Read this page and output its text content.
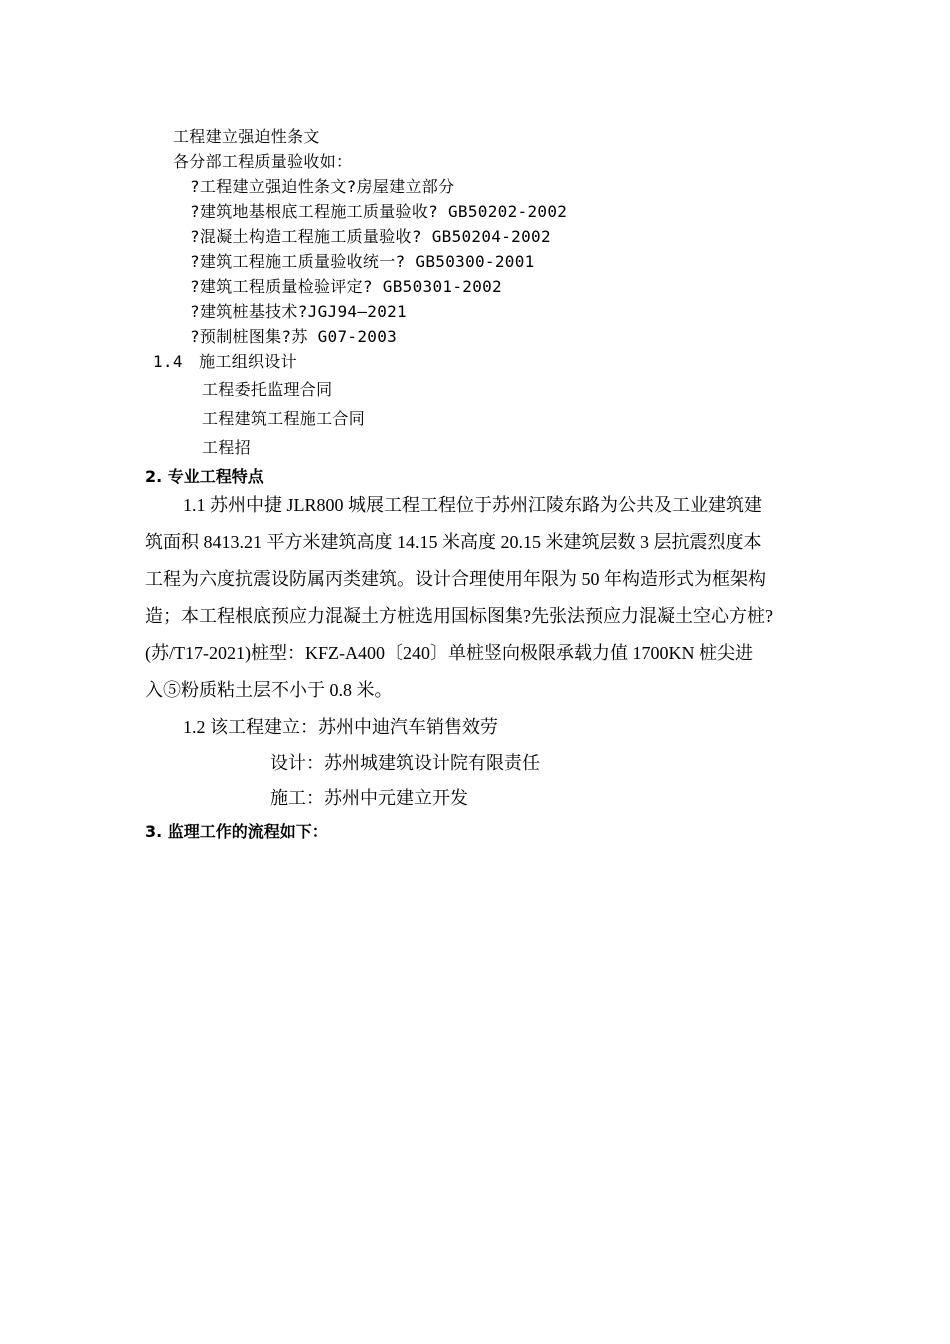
工程建立强迫性条文
各分部工程质量验收如：
?工程建立强迫性条文?房屋建立部分
?建筑地基根底工程施工质量验收? GB50202-2002
?混凝土构造工程施工质量验收? GB50204-2002
?建筑工程施工质量验收统一? GB50300-2001
?建筑工程质量检验评定? GB50301-2002
?建筑桩基技术?JGJ94—2021
?预制桩图集?苏 G07-2003
1.4　施工组织设计
工程委托监理合同
工程建筑工程施工合同
工程招
2. 专业工程特点
1.1 苏州中捷 JLR800 城展工程工程位于苏州江陵东路为公共及工业建筑建
筑面积 8413.21 平方米建筑高度 14.15 米高度 20.15 米建筑层数 3 层抗震烈度本
工程为六度抗震设防属丙类建筑。设计合理使用年限为 50 年构造形式为框架构
造；本工程根底预应力混凝土方桩选用国标图集?先张法预应力混凝土空心方桩?
(苏/T17-2021)桩型：KFZ-A400〔240〕单桩竖向极限承载力值 1700KN 桩尖进
入⑤粉质粘土层不小于 0.8 米。
1.2 该工程建立：苏州中迪汽车销售效劳
设计：苏州城建筑设计院有限责任
施工：苏州中元建立开发
3. 监理工作的流程如下：
